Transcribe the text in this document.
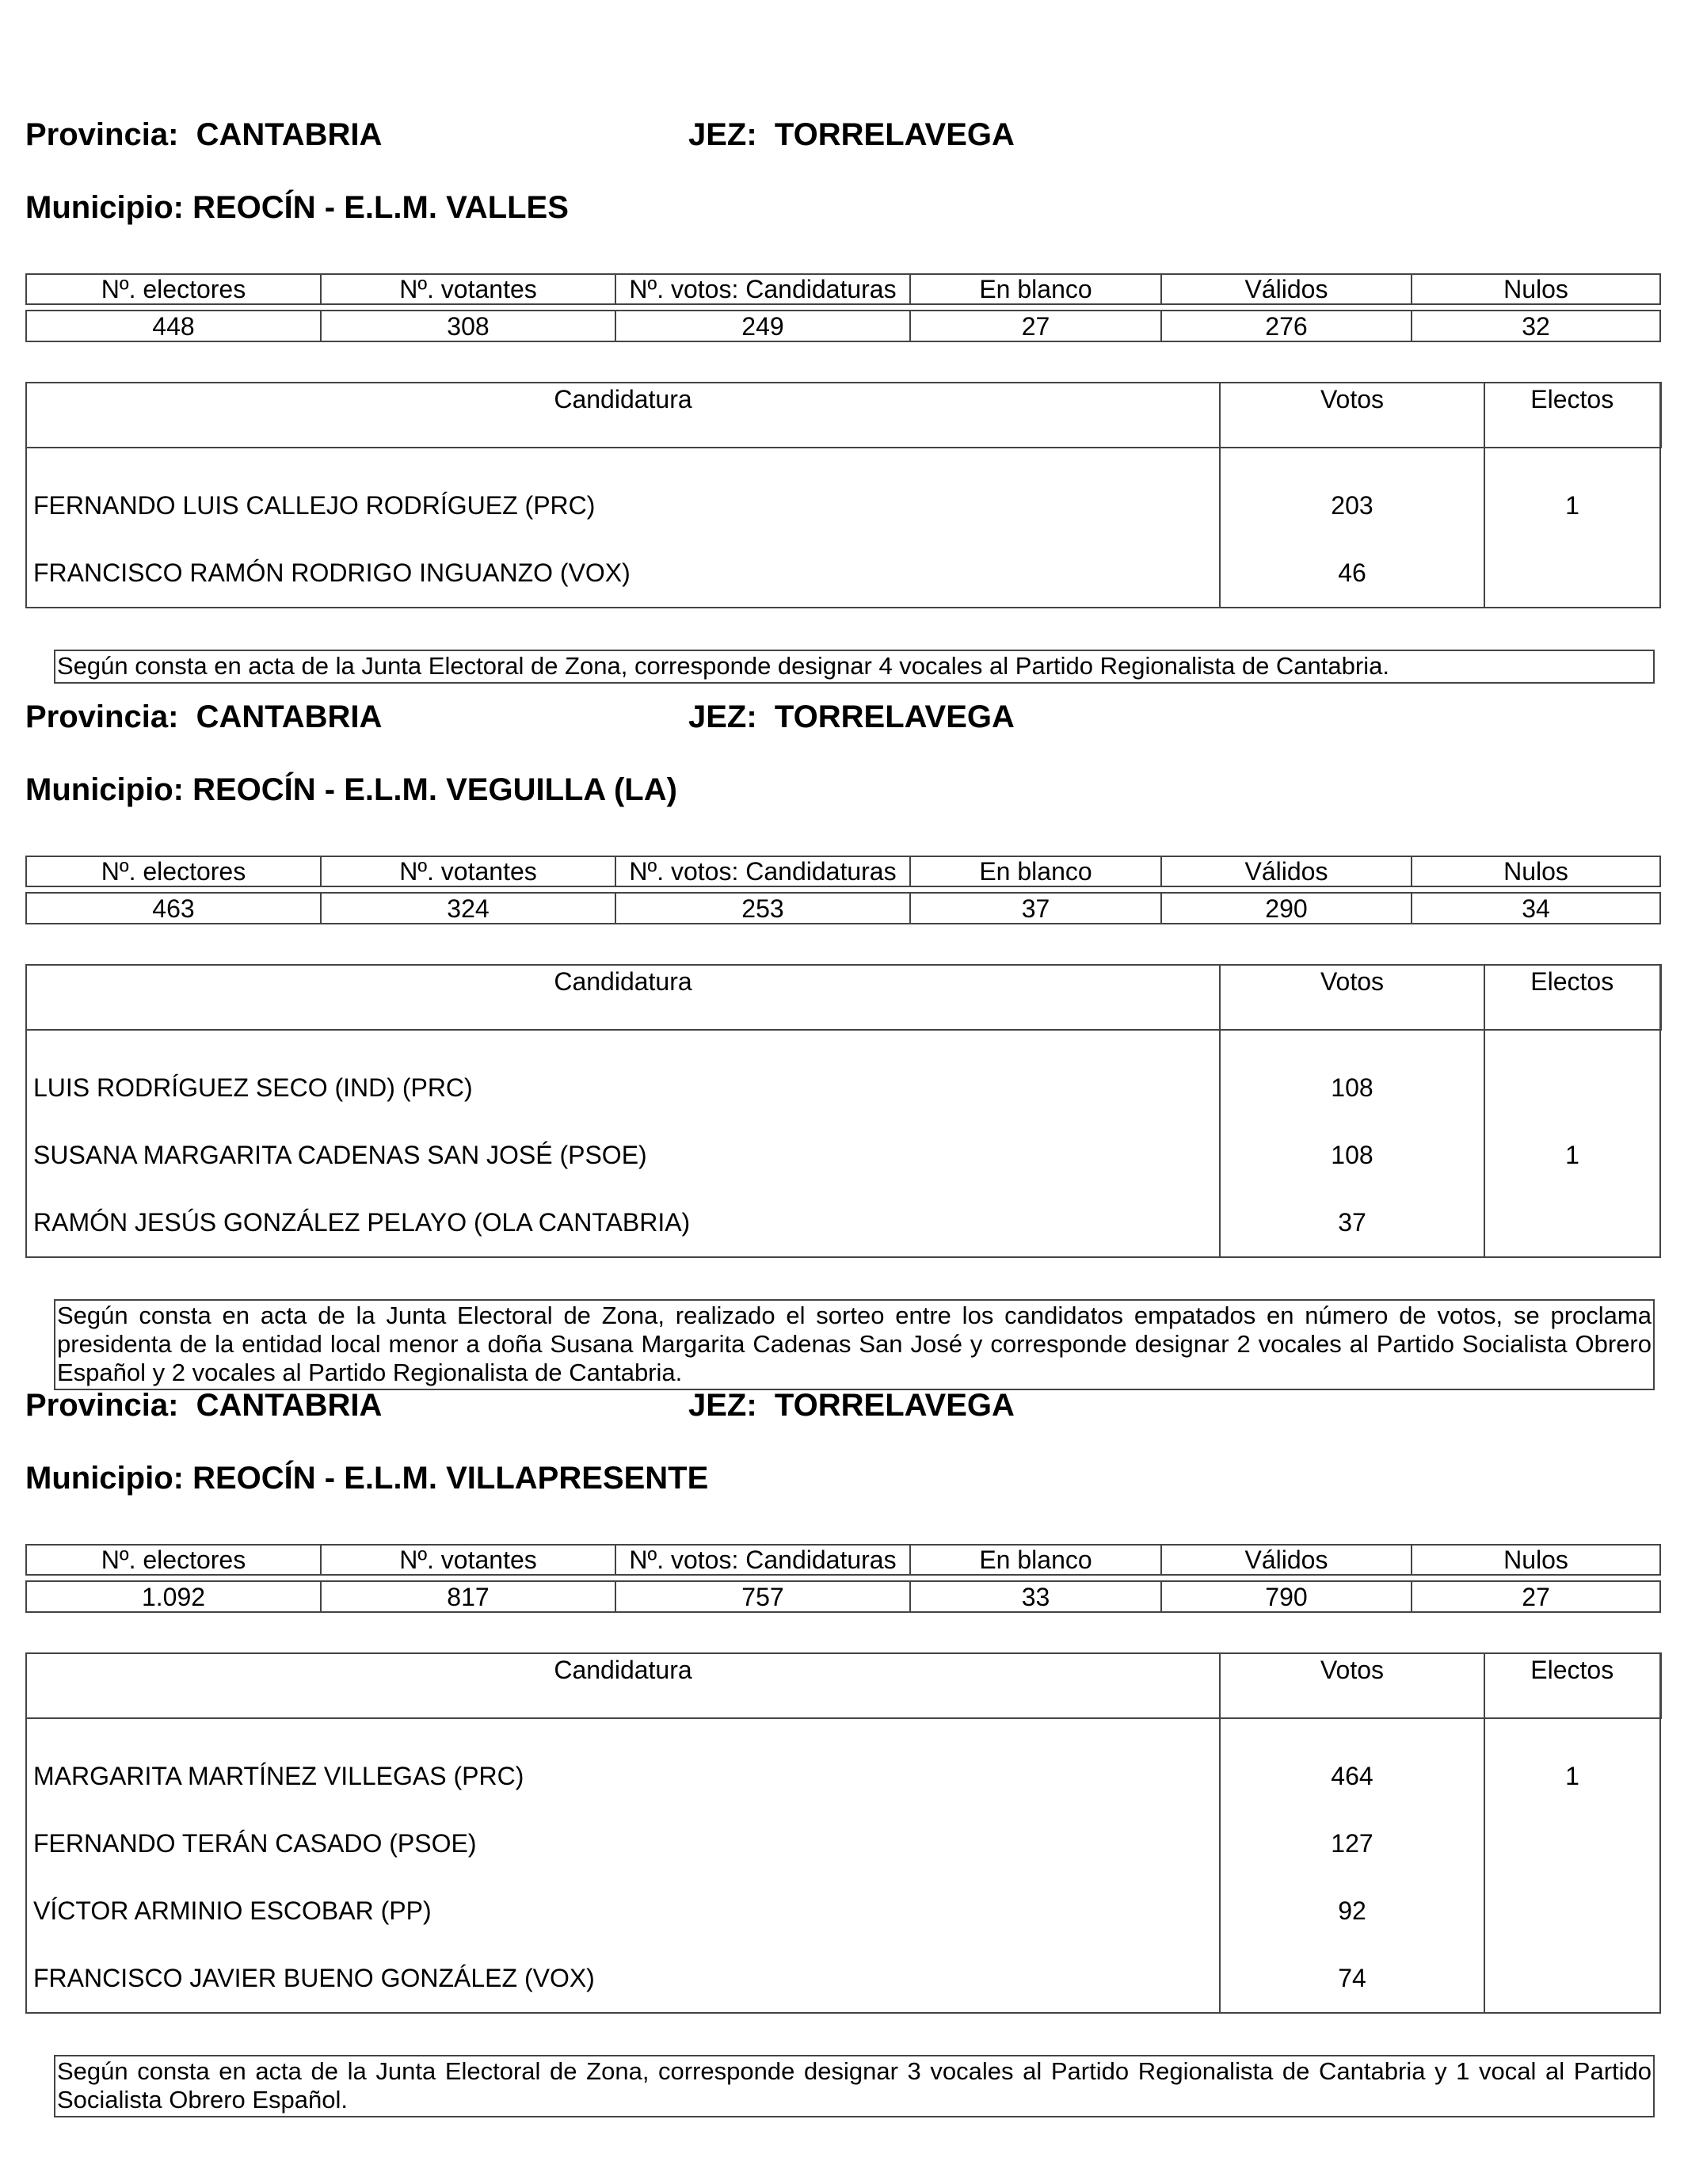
Provincia: CANTABRIA	JEZ: TORRELAVEGA
Municipio: REOCÍN - E.L.M. VALLES
Nº. electores	Nº. votantes	Nº. votos: Candidaturas	En blanco	Válidos	Nulos

448	308	249	27	276	32
Candidatura	Votos	Electos
FERNANDO LUIS CALLEJO RODRÍGUEZ (PRC)	203	1
FRANCISCO RAMÓN RODRIGO INGUANZO (VOX)	46	
Según consta en acta de la Junta Electoral de Zona, corresponde designar 4 vocales al Partido Regionalista de Cantabria.
Provincia: CANTABRIA	JEZ: TORRELAVEGA
Municipio: REOCÍN - E.L.M. VEGUILLA (LA)
Nº. electores	Nº. votantes	Nº. votos: Candidaturas	En blanco	Válidos	Nulos

463	324	253	37	290	34
Candidatura	Votos	Electos
LUIS RODRÍGUEZ SECO (IND) (PRC)	108	
SUSANA MARGARITA CADENAS SAN JOSÉ (PSOE)	108	1
RAMÓN JESÚS GONZÁLEZ PELAYO (OLA CANTABRIA)	37	
Según consta en acta de la Junta Electoral de Zona, realizado el sorteo entre los candidatos empatados en número de votos, se proclama presidenta de la entidad local menor a doña Susana Margarita Cadenas San José y corresponde designar 2 vocales al Partido Socialista Obrero Español y 2 vocales al Partido Regionalista de Cantabria.
Provincia: CANTABRIA	JEZ: TORRELAVEGA
Municipio: REOCÍN - E.L.M. VILLAPRESENTE
Nº. electores	Nº. votantes	Nº. votos: Candidaturas	En blanco	Válidos	Nulos

1.092	817	757	33	790	27
Candidatura	Votos	Electos
MARGARITA MARTÍNEZ VILLEGAS (PRC)	464	1
FERNANDO TERÁN CASADO (PSOE)	127	
VÍCTOR ARMINIO ESCOBAR (PP)	92	
FRANCISCO JAVIER BUENO GONZÁLEZ (VOX)	74	
Según consta en acta de la Junta Electoral de Zona, corresponde designar 3 vocales al Partido Regionalista de Cantabria y 1 vocal al Partido Socialista Obrero Español.
